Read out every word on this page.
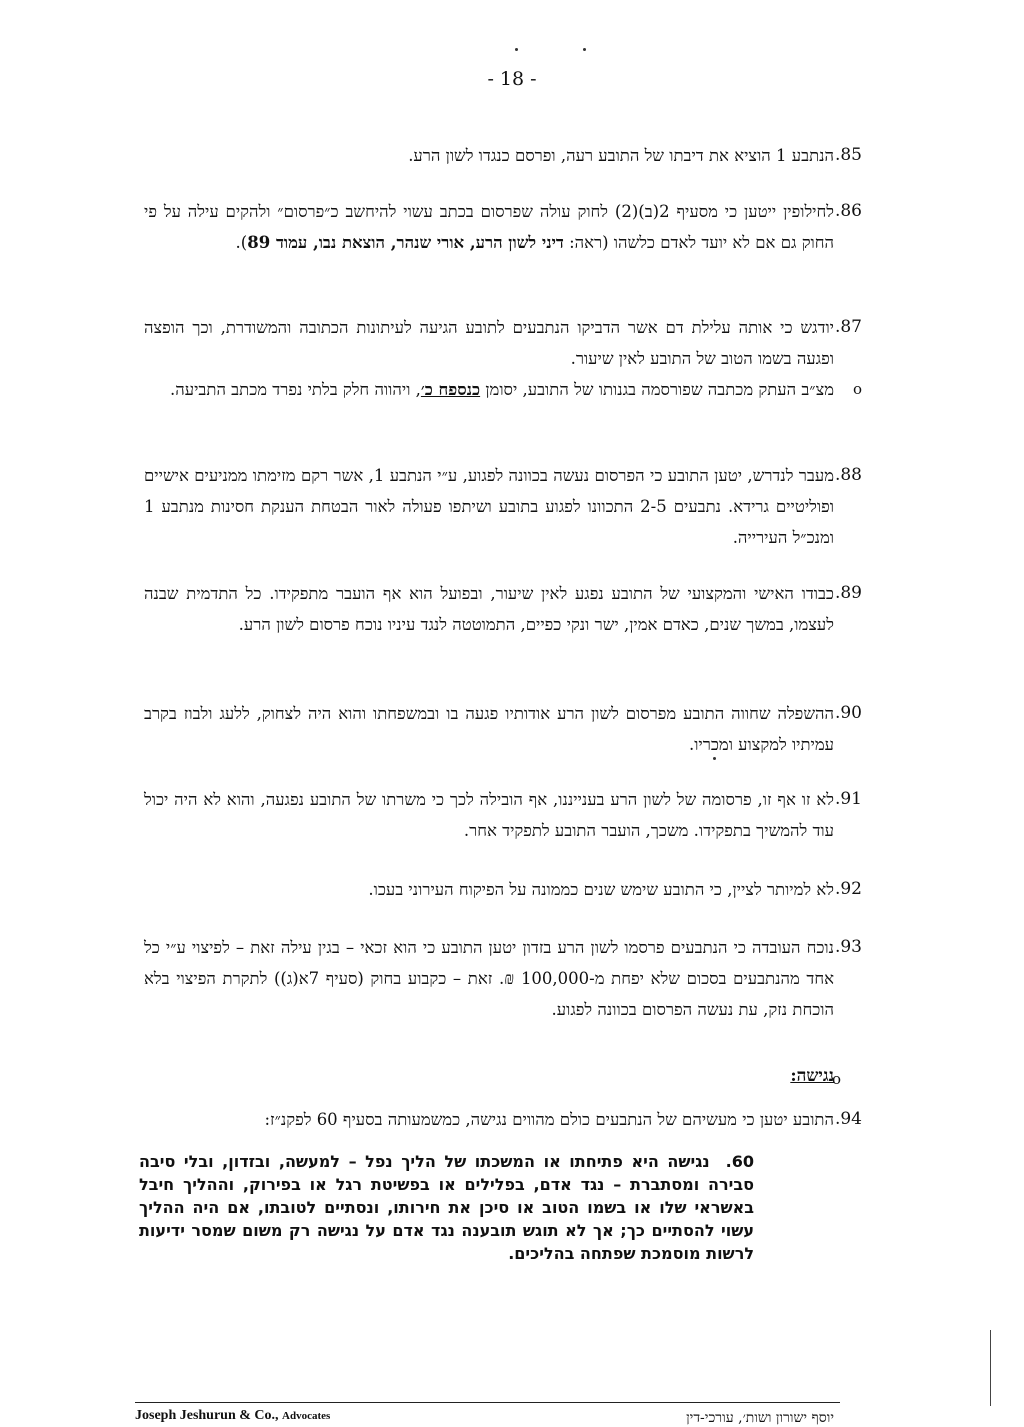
- 18 -
.85
הנתבע 1 הוציא את דיבתו של התובע רעה, ופרסם כנגדו לשון הרע.
.86
לחילופין ייטען כי מסעיף 2(ב)(2) לחוק עולה שפרסום בכתב עשוי להיחשב כ״פרסום״ ולהקים עילה על פי החוק גם אם לא יועד לאדם כלשהו (ראה: דיני לשון הרע, אורי שנהר, הוצאת נבו, עמוד 89).
.87
יודגש כי אותה עלילת דם אשר הדביקו הנתבעים לתובע הגיעה לעיתונות הכתובה והמשודרת, וכך הופצה ופגעה בשמו הטוב של התובע לאין שיעור.
o
מצ״ב העתק מכתבה שפורסמה בגנותו של התובע, יסומן כנספח כ׳, ויהווה חלק בלתי נפרד מכתב התביעה.
.88
מעבר לנדרש, יטען התובע כי הפרסום נעשה בכוונה לפגוע, ע״י הנתבע 1, אשר רקם מזימתו ממניעים אישיים ופוליטיים גרידא. נתבעים 2-5 התכוונו לפגוע בתובע ושיתפו פעולה לאור הבטחת הענקת חסינות מנתבע 1 ומנכ״ל העירייה.
.89
כבודו האישי והמקצועי של התובע נפגע לאין שיעור, ובפועל הוא אף הועבר מתפקידו. כל התדמית שבנה לעצמו, במשך שנים, כאדם אמין, ישר ונקי כפיים, התמוטטה לנגד עיניו נוכח פרסום לשון הרע.
.90
ההשפלה שחווה התובע מפרסום לשון הרע אודותיו פגעה בו ובמשפחתו והוא היה לצחוק, ללעג ולבוז בקרב עמיתיו למקצוע ומכריו.
.91
לא זו אף זו, פרסומה של לשון הרע בענייננו, אף הובילה לכך כי משרתו של התובע נפגעה, והוא לא היה יכול עוד להמשיך בתפקידו. משכך, הועבר התובע לתפקיד אחר.
.92
לא למיותר לציין, כי התובע שימש שנים כממונה על הפיקוח העירוני בעכו.
.93
נוכח העובדה כי הנתבעים פרסמו לשון הרע בזדון יטען התובע כי הוא זכאי – בגין עילה זאת – לפיצוי ע״י כל אחד מהנתבעים בסכום שלא יפחת מ-100,000 ₪. זאת – כקבוע בחוק (סעיף 7א(ג)) לתקרת הפיצוי בלא הוכחת נזק, עת נעשה הפרסום בכוונה לפגוע.
o
נגישה:
.94
התובע יטען כי מעשיהם של הנתבעים כולם מהווים נגישה, כמשמעותה בסעיף 60 לפקנ״ז:
60.נגישה היא פתיחתו או המשכתו של הליך נפל – למעשה, ובזדון, ובלי סיבה סבירה ומסתברת – נגד אדם, בפלילים או בפשיטת רגל או בפירוק, וההליך חיבל באשראי שלו או בשמו הטוב או סיכן את חירותו, ונסתיים לטובתו, אם היה ההליך עשוי להסתיים כך; אך לא תוגש תובענה נגד אדם על נגישה רק משום שמסר ידיעות לרשות מוסמכת שפתחה בהליכים.
Joseph Jeshurun & Co., Advocates	יוסף ישורון ושות׳, עורכי-דין
